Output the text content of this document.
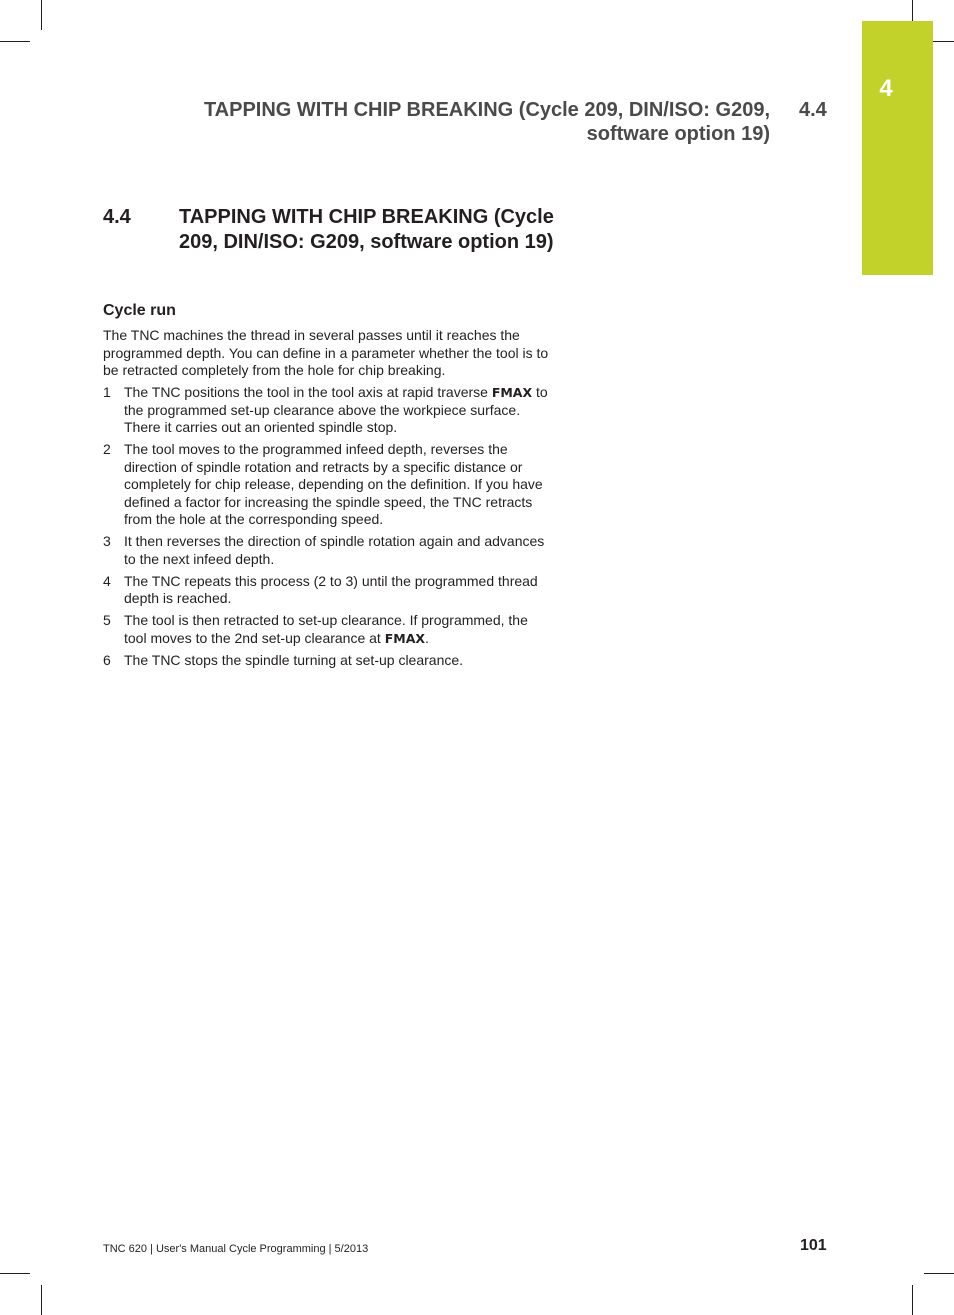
4
TAPPING WITH CHIP BREAKING (Cycle 209, DIN/ISO: G209,
software option 19)
4.4
4.4 TAPPING WITH CHIP BREAKING (Cycle 209, DIN/ISO: G209, software option 19)
Cycle run
The TNC machines the thread in several passes until it reaches the programmed depth. You can define in a parameter whether the tool is to be retracted completely from the hole for chip breaking.
1 The TNC positions the tool in the tool axis at rapid traverse FMAX to the programmed set-up clearance above the workpiece surface. There it carries out an oriented spindle stop.
2 The tool moves to the programmed infeed depth, reverses the direction of spindle rotation and retracts by a specific distance or completely for chip release, depending on the definition. If you have defined a factor for increasing the spindle speed, the TNC retracts from the hole at the corresponding speed.
3 It then reverses the direction of spindle rotation again and advances to the next infeed depth.
4 The TNC repeats this process (2 to 3) until the programmed thread depth is reached.
5 The tool is then retracted to set-up clearance. If programmed, the tool moves to the 2nd set-up clearance at FMAX.
6 The TNC stops the spindle turning at set-up clearance.
TNC 620 | User's Manual Cycle Programming | 5/2013	101
